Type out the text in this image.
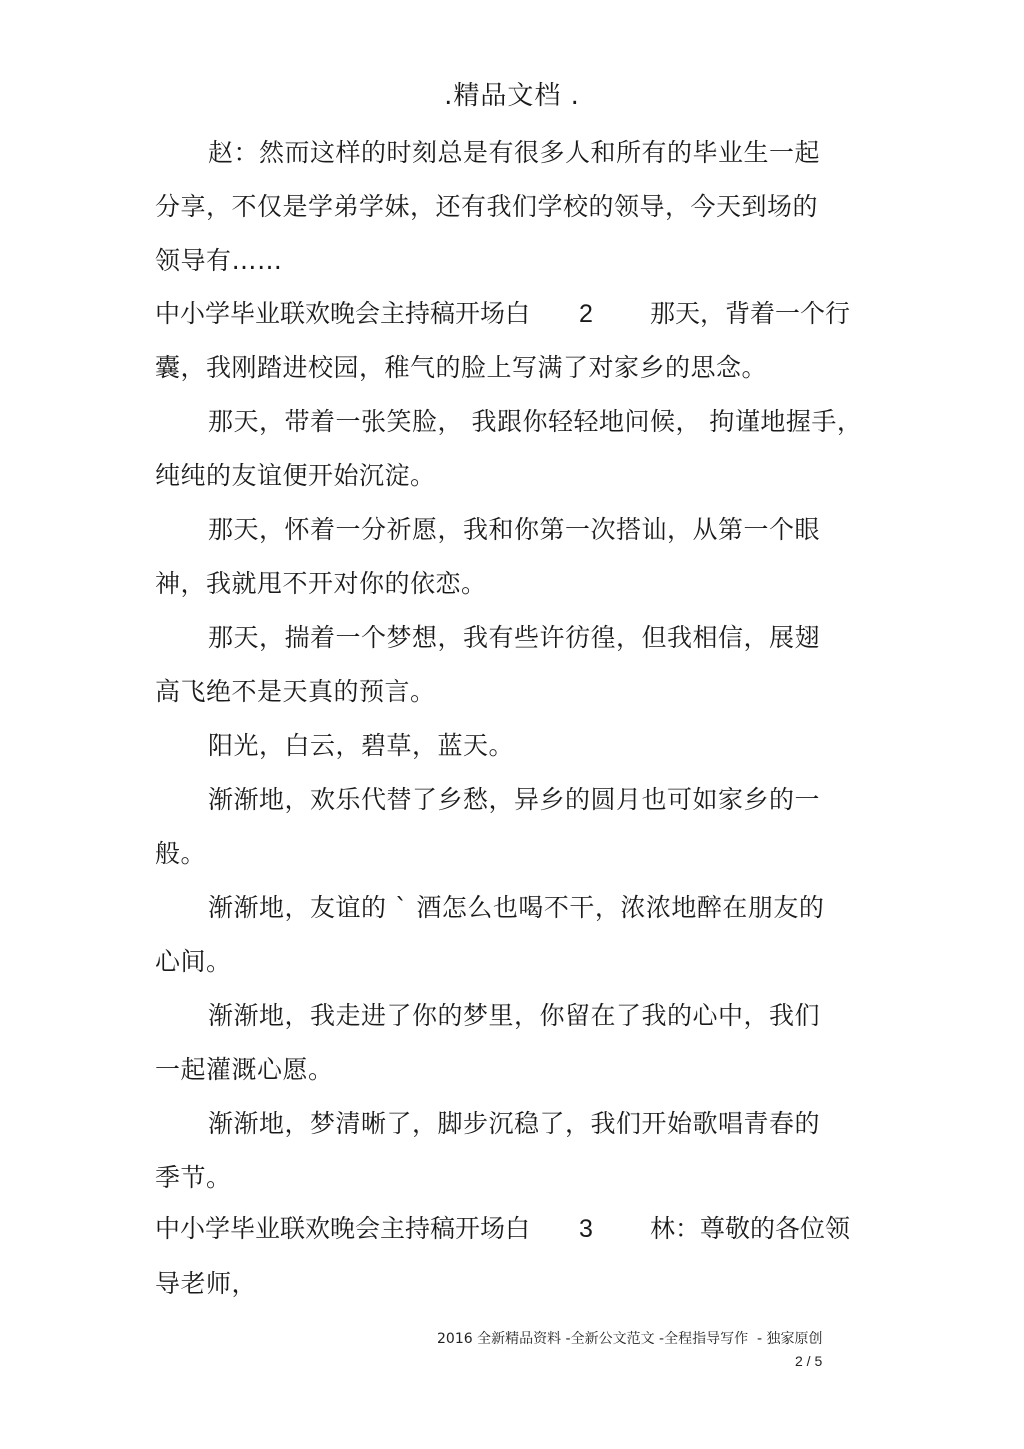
.精品文档 .
赵：然而这样的时刻总是有很多人和所有的毕业生一起
分享，不仅是学弟学妹，还有我们学校的领导，今天到场的
领导有……
中小学毕业联欢晚会主持稿开场白 2 那天，背着一个行
囊，我刚踏进校园，稚气的脸上写满了对家乡的思念。
那天，带着一张笑脸， 我跟你轻轻地问候， 拘谨地握手，
纯纯的友谊便开始沉淀。
那天，怀着一分祈愿，我和你第一次搭讪，从第一个眼
神，我就甩不开对你的依恋。
那天，揣着一个梦想，我有些许彷徨，但我相信，展翅
高飞绝不是天真的预言。
阳光，白云，碧草，蓝天。
渐渐地，欢乐代替了乡愁，异乡的圆月也可如家乡的一
般。
渐渐地，友谊的 ` 酒怎么也喝不干，浓浓地醉在朋友的
心间。
渐渐地，我走进了你的梦里，你留在了我的心中，我们
一起灌溉心愿。
渐渐地，梦清晰了，脚步沉稳了，我们开始歌唱青春的
季节。
中小学毕业联欢晚会主持稿开场白 3 林：尊敬的各位领
导老师，
2016 全新精品资料 -全新公文范文 -全程指导写作  - 独家原创
2 / 5
